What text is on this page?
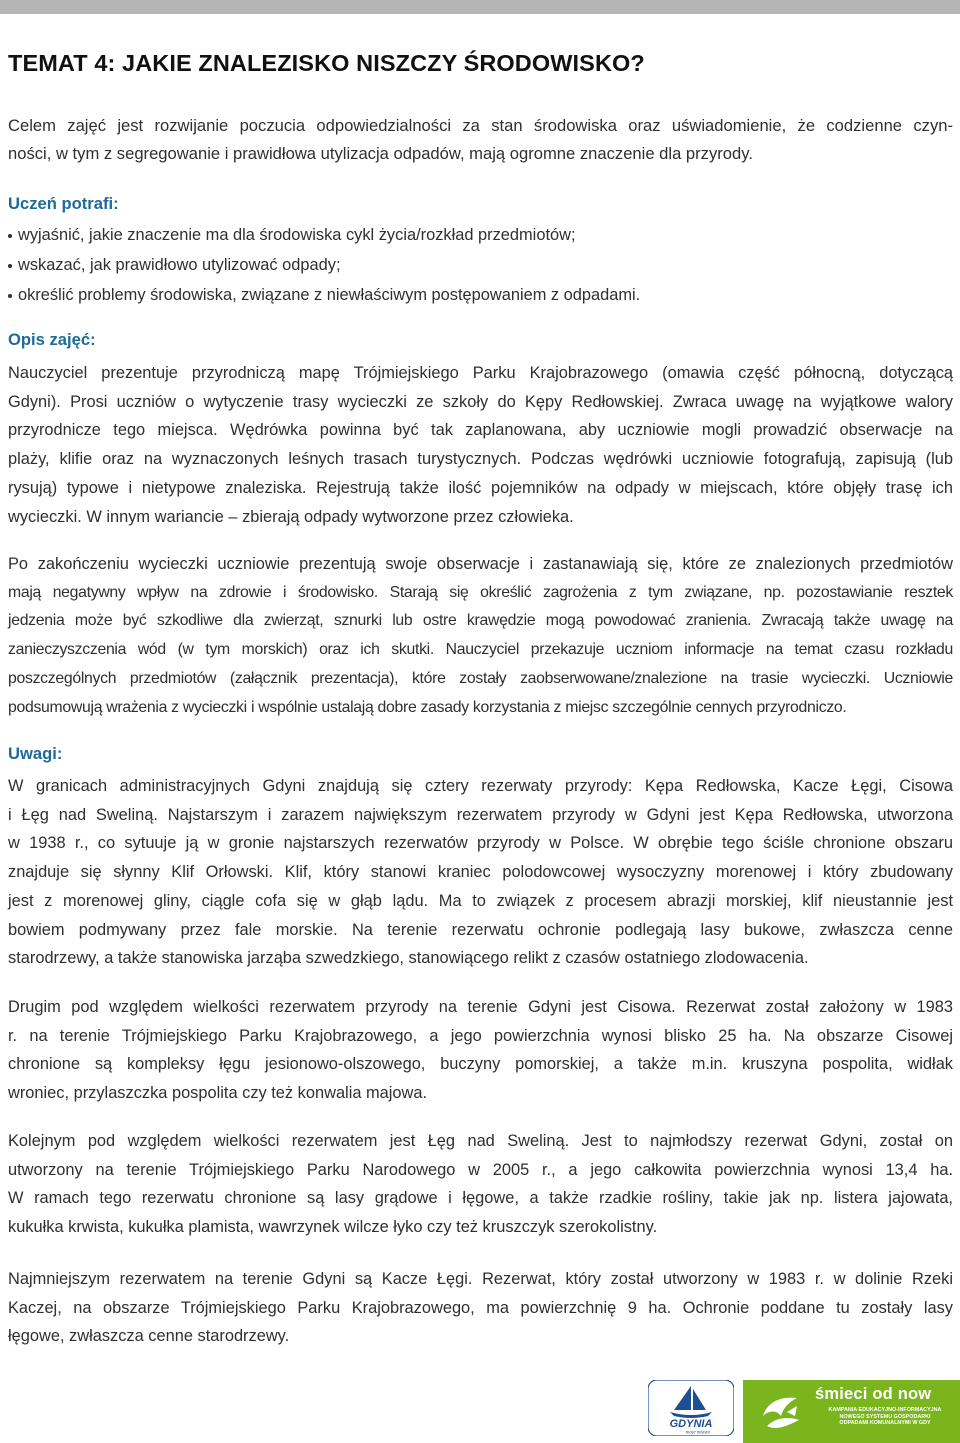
TEMAT 4: JAKIE ZNALEZISKO NISZCZY ŚRODOWISKO?

Celem zajęć jest rozwijanie poczucia odpowiedzialności za stan środowiska oraz uświadomienie, że codzienne czyn-
ności, w tym z segregowanie i prawidłowa utylizacja odpadów, mają ogromne znaczenie dla przyrody.

Uczeń potrafi:
wyjaśnić, jakie znaczenie ma dla środowiska cykl życia/rozkład przedmiotów;
wskazać, jak prawidłowo utylizować odpady;
określić problemy środowiska, związane z niewłaściwym postępowaniem z odpadami.
Opis zajęć:

Nauczyciel prezentuje przyrodniczą mapę Trójmiejskiego Parku Krajobrazowego (omawia część północną, dotyczącą
Gdyni). Prosi uczniów o wytyczenie trasy wycieczki ze szkoły do Kępy Redłowskiej. Zwraca uwagę na wyjątkowe walory
przyrodnicze tego miejsca. Wędrówka powinna być tak zaplanowana, aby uczniowie mogli prowadzić obserwacje na
plaży, klifie oraz na wyznaczonych leśnych trasach turystycznych. Podczas wędrówki uczniowie fotografują, zapisują (lub
rysują) typowe i nietypowe znaleziska. Rejestrują także ilość pojemników na odpady w miejscach, które objęły trasę ich
wycieczki. W innym wariancie – zbierają odpady wytworzone przez człowieka.

Po zakończeniu wycieczki uczniowie prezentują swoje obserwacje i zastanawiają się, które ze znalezionych przedmiotów
mają negatywny wpływ na zdrowie i środowisko. Starają się określić zagrożenia z tym związane, np. pozostawianie resztek
jedzenia może być szkodliwe dla zwierząt, sznurki lub ostre krawędzie mogą powodować zranienia. Zwracają także uwagę na
zanieczyszczenia wód (w tym morskich) oraz ich skutki. Nauczyciel przekazuje uczniom informacje na temat czasu rozkładu
poszczególnych przedmiotów (załącznik prezentacja), które zostały zaobserwowane/znalezione na trasie wycieczki. Uczniowie
podsumowują wrażenia z wycieczki i wspólnie ustalają dobre zasady korzystania z miejsc szczególnie cennych przyrodniczo.

Uwagi:

W granicach administracyjnych Gdyni znajdują się cztery rezerwaty przyrody: Kępa Redłowska, Kacze Łęgi, Cisowa
i Łęg nad Sweliną. Najstarszym i zarazem największym rezerwatem przyrody w Gdyni jest Kępa Redłowska, utworzona
w 1938 r., co sytuuje ją w gronie najstarszych rezerwatów przyrody w Polsce. W obrębie tego ściśle chronione obszaru
znajduje się słynny Klif Orłowski. Klif, który stanowi kraniec polodowcowej wysoczyzny morenowej i który zbudowany
jest z morenowej gliny, ciągle cofa się w głąb lądu. Ma to związek z procesem abrazji morskiej, klif nieustannie jest
bowiem podmywany przez fale morskie. Na terenie rezerwatu ochronie podlegają lasy bukowe, zwłaszcza cenne
starodrzewy, a także stanowiska jarząba szwedzkiego, stanowiącego relikt z czasów ostatniego zlodowacenia.

Drugim pod względem wielkości rezerwatem przyrody na terenie Gdyni jest Cisowa. Rezerwat został założony w 1983
r. na terenie Trójmiejskiego Parku Krajobrazowego, a jego powierzchnia wynosi blisko 25 ha. Na obszarze Cisowej
chronione są kompleksy łęgu jesionowo-olszowego, buczyny pomorskiej, a także m.in. kruszyna pospolita, widłak
wroniec, przylaszczka pospolita czy też konwalia majowa.

Kolejnym pod względem wielkości rezerwatem jest Łęg nad Sweliną. Jest to najmłodszy rezerwat Gdyni, został on
utworzony na terenie Trójmiejskiego Parku Narodowego w 2005 r., a jego całkowita powierzchnia wynosi 13,4 ha.
W ramach tego rezerwatu chronione są lasy grądowe i łęgowe, a także rzadkie rośliny, takie jak np. listera jajowata,
kukułka krwista, kukułka plamista, wawrzynek wilcze łyko czy też kruszczyk szerokolistny.

Najmniejszym rezerwatem na terenie Gdyni są Kacze Łęgi. Rezerwat, który został utworzony w 1983 r. w dolinie Rzeki
Kaczej, na obszarze Trójmiejskiego Parku Krajobrazowego, ma powierzchnię 9 ha. Ochronie poddane tu zostały lasy
łęgowe, zwłaszcza cenne starodrzewy.

GDYNIA
moje miasto
śmieci od now
KAMPANIA EDUKACYJNO-INFORMACYJNA
NOWEGO SYSTEMU GOSPODARKI
ODPADAMI KOMUNALNYMI W GDY
